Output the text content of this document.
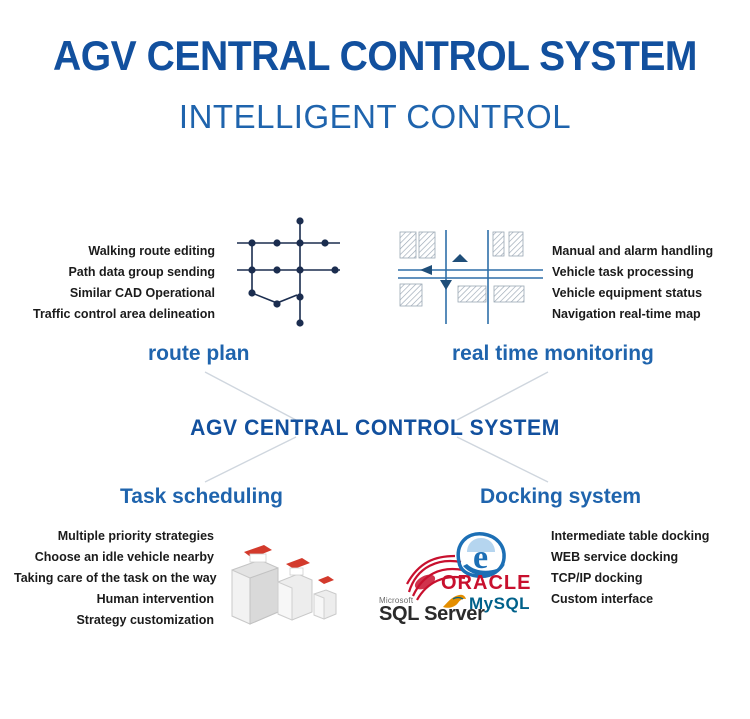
AGV CENTRAL CONTROL SYSTEM
INTELLIGENT CONTROL
e
ORACLE
MySQL
Microsoft
SQL Server
route plan	real time monitoring
Task scheduling	Docking system
AGV CENTRAL CONTROL SYSTEM
Walking route editing
Path data group sending
Similar CAD Operational
Traffic control area delineation
Manual and alarm handling
Vehicle task processing
Vehicle equipment status
Navigation real-time map
Multiple priority strategies
Choose an idle vehicle nearby
Taking care of the task on the way
Human intervention
Strategy customization
Intermediate table docking
WEB service docking
TCP/IP docking
Custom interface
